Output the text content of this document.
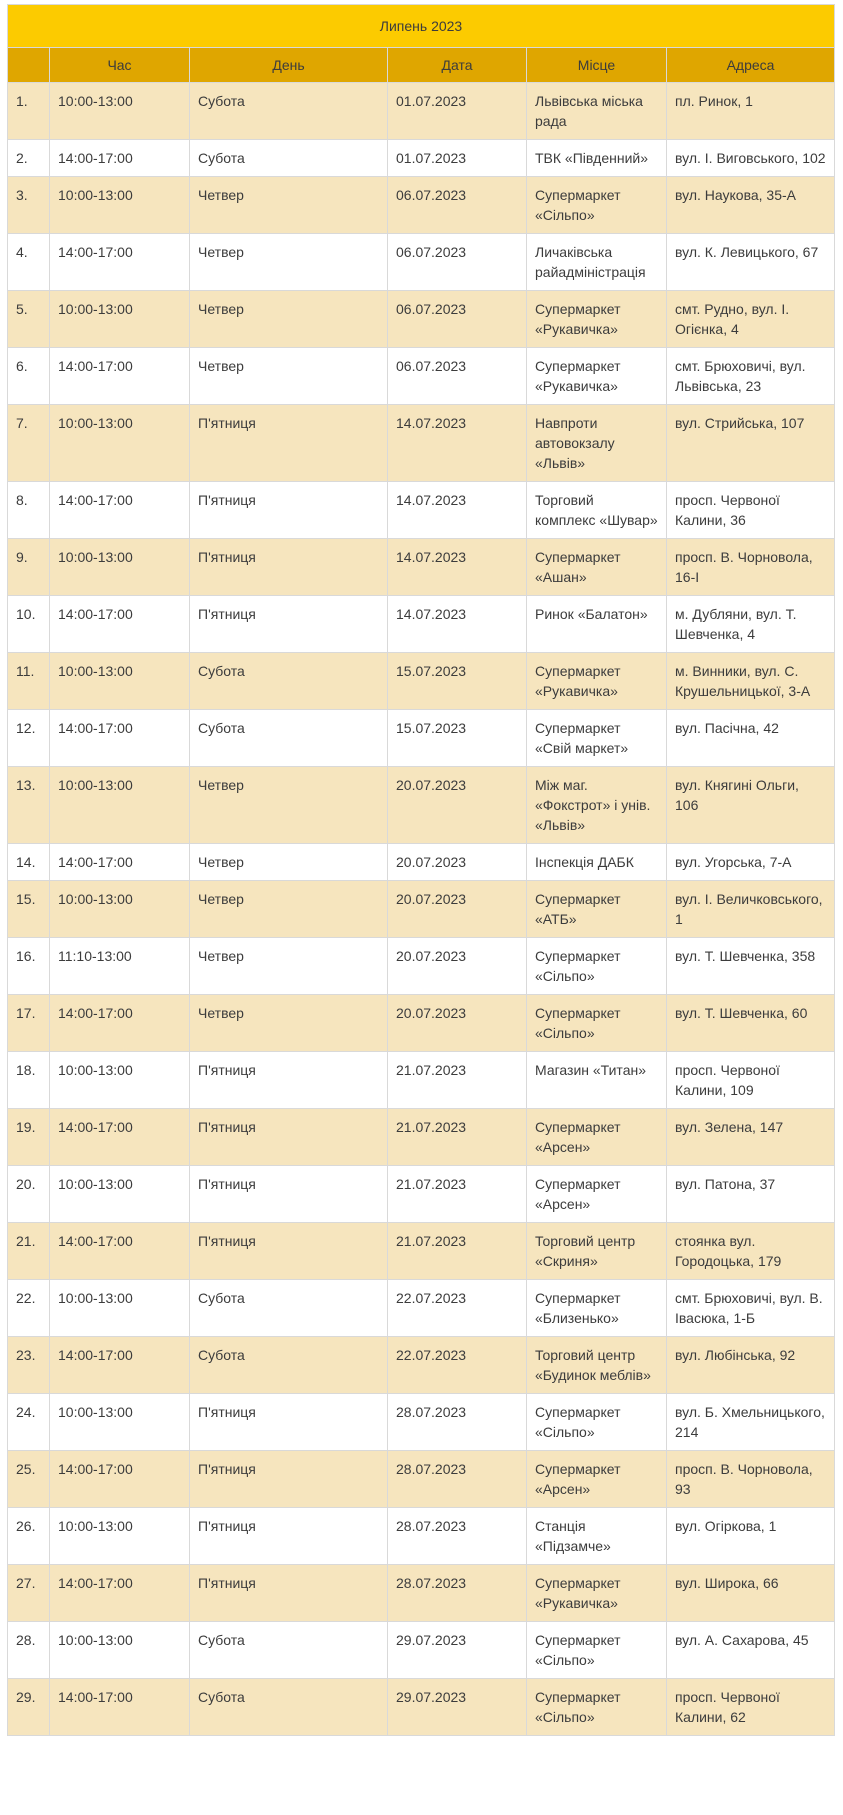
Липень 2023					
	Час	День	Дата	Місце	Адреса
1.	10:00-13:00	Субота	01.07.2023	Львівська міська рада	пл. Ринок, 1
2.	14:00-17:00	Субота	01.07.2023	ТВК «Південний»	вул. І. Виговського, 102
3.	10:00-13:00	Четвер	06.07.2023	Супермаркет «Сільпо»	вул. Наукова, 35-А
4.	14:00-17:00	Четвер	06.07.2023	Личаківська райадміністрація	вул. К. Левицького, 67
5.	10:00-13:00	Четвер	06.07.2023	Супермаркет «Рукавичка»	смт. Рудно, вул. І. Огієнка, 4
6.	14:00-17:00	Четвер	06.07.2023	Супермаркет «Рукавичка»	смт. Брюховичі, вул. Львівська, 23
7.	10:00-13:00	П'ятниця	14.07.2023	Навпроти автовокзалу «Львів»	вул. Стрийська, 107
8.	14:00-17:00	П'ятниця	14.07.2023	Торговий комплекс «Шувар»	просп. Червоної Калини, 36
9.	10:00-13:00	П'ятниця	14.07.2023	Супермаркет «Ашан»	просп. В. Чорновола, 16-І
10.	14:00-17:00	П'ятниця	14.07.2023	Ринок «Балатон»	м. Дубляни, вул. Т. Шевченка, 4
11.	10:00-13:00	Субота	15.07.2023	Супермаркет «Рукавичка»	м. Винники, вул. С. Крушельницької, 3-А
12.	14:00-17:00	Субота	15.07.2023	Супермаркет «Свій маркет»	вул. Пасічна, 42
13.	10:00-13:00	Четвер	20.07.2023	Між маг. «Фокстрот» і унів. «Львів»	вул. Княгині Ольги, 106
14.	14:00-17:00	Четвер	20.07.2023	Інспекція ДАБК	вул. Угорська, 7-А
15.	10:00-13:00	Четвер	20.07.2023	Супермаркет «АТБ»	вул. І. Величковського, 1
16.	11:10-13:00	Четвер	20.07.2023	Супермаркет «Сільпо»	вул. Т. Шевченка, 358
17.	14:00-17:00	Четвер	20.07.2023	Супермаркет «Сільпо»	вул. Т. Шевченка, 60
18.	10:00-13:00	П'ятниця	21.07.2023	Магазин «Титан»	просп. Червоної Калини, 109
19.	14:00-17:00	П'ятниця	21.07.2023	Супермаркет «Арсен»	вул. Зелена, 147
20.	10:00-13:00	П'ятниця	21.07.2023	Супермаркет «Арсен»	вул. Патона, 37
21.	14:00-17:00	П'ятниця	21.07.2023	Торговий центр «Скриня»	стоянка вул. Городоцька, 179
22.	10:00-13:00	Субота	22.07.2023	Супермаркет «Близенько»	смт. Брюховичі, вул. В. Івасюка, 1-Б
23.	14:00-17:00	Субота	22.07.2023	Торговий центр «Будинок меблів»	вул. Любінська, 92
24.	10:00-13:00	П'ятниця	28.07.2023	Супермаркет «Сільпо»	вул. Б. Хмельницького, 214
25.	14:00-17:00	П'ятниця	28.07.2023	Супермаркет «Арсен»	просп. В. Чорновола, 93
26.	10:00-13:00	П'ятниця	28.07.2023	Станція «Підзамче»	вул. Огіркова, 1
27.	14:00-17:00	П'ятниця	28.07.2023	Супермаркет «Рукавичка»	вул. Широка, 66
28.	10:00-13:00	Субота	29.07.2023	Супермаркет «Сільпо»	вул. А. Сахарова, 45
29.	14:00-17:00	Субота	29.07.2023	Супермаркет «Сільпо»	просп. Червоної Калини, 62
